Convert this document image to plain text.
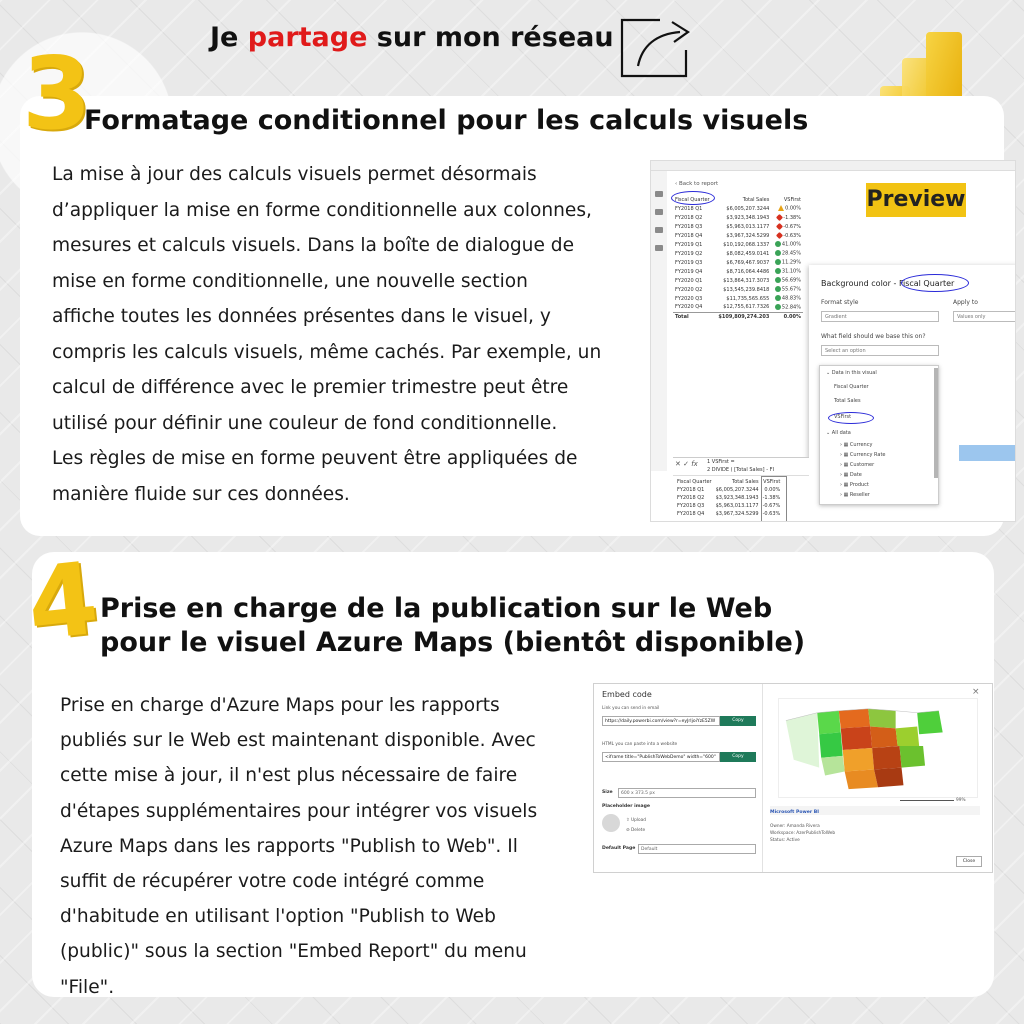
Je partage sur mon réseau
3
Formatage conditionnel pour les calculs visuels
La mise à jour des calculs visuels permet désormais
d’appliquer la mise en forme conditionnelle aux colonnes,
mesures et calculs visuels. Dans la boîte de dialogue de
mise en forme conditionnelle, une nouvelle section
affiche toutes les données présentes dans le visuel, y
compris les calculs visuels, même cachés. Par exemple, un
calcul de différence avec le premier trimestre peut être
utilisé pour définir une couleur de fond conditionnelle.
Les règles de mise en forme peuvent être appliquées de
manière fluide sur ces données.
‹ Back to report
Fiscal Quarter	Total Sales	VSFirst
FY2018 Q1	$6,005,207.3244	0.00%
FY2018 Q2	$3,923,348.1943	-1.38%
FY2018 Q3	$5,963,013.1177	-0.67%
FY2018 Q4	$3,967,324.5299	-0.63%
FY2019 Q1	$10,192,068.1337	41.00%
FY2019 Q2	$8,082,459.0141	28.45%
FY2019 Q3	$6,769,467.9037	11.29%
FY2019 Q4	$8,716,064.4486	31.10%
FY2020 Q1	$13,864,317.3073	56.69%
FY2020 Q2	$13,545,239.8418	55.67%
FY2020 Q3	$11,735,565.655	48.83%
FY2020 Q4	$12,755,617.7326	52.84%
Total	$109,809,274.203	0.00%
Background color - Fiscal Quarter
Format style
Gradient
Apply to
Values only
What field should we base this on?
Select an option
⌄ Data in this visual
Fiscal Quarter
Total Sales
VSFirst
⌄ All data
› ▦ Currency
› ▦ Currency Rate
› ▦ Customer
› ▦ Date
› ▦ Product
› ▦ Reseller
✕ ✓ fx 1 VSFirst =
2 DIVIDE ( [Total Sales] - FI
Fiscal Quarter	Total Sales	VSFirst
FY2018 Q1	$6,005,207.3244	0.00%
FY2018 Q2	$3,923,348.1943	-1.38%
FY2018 Q3	$5,963,013.1177	-0.67%
FY2018 Q4	$3,967,324.5299	-0.63%
Preview
4
Prise en charge de la publication sur le Web
pour le visuel Azure Maps (bientôt disponible)
Prise en charge d'Azure Maps pour les rapports
publiés sur le Web est maintenant disponible. Avec
cette mise à jour, il n'est plus nécessaire de faire
d'étapes supplémentaires pour intégrer vos visuels
Azure Maps dans les rapports "Publish to Web". Il
suffit de récupérer votre code intégré comme
d'habitude en utilisant l'option "Publish to Web
(public)" sous la section "Embed Report" du menu
"File".
Embed code	×
Link you can send in email
https://daily.powerbi.com/view?r=eyJrIjoiYzE5ZW	Copy
HTML you can paste into a website
<iframe title="PublishToWebDemo" width="600"	Copy
Size	600 x 373.5 px
Placeholder image
⇧ Upload
⊘ Delete
Default Page	Default
99%
Microsoft Power BI
Owner: Amanda Rivera
Workspace: AzerPublishToWeb
Status: Active
Close
